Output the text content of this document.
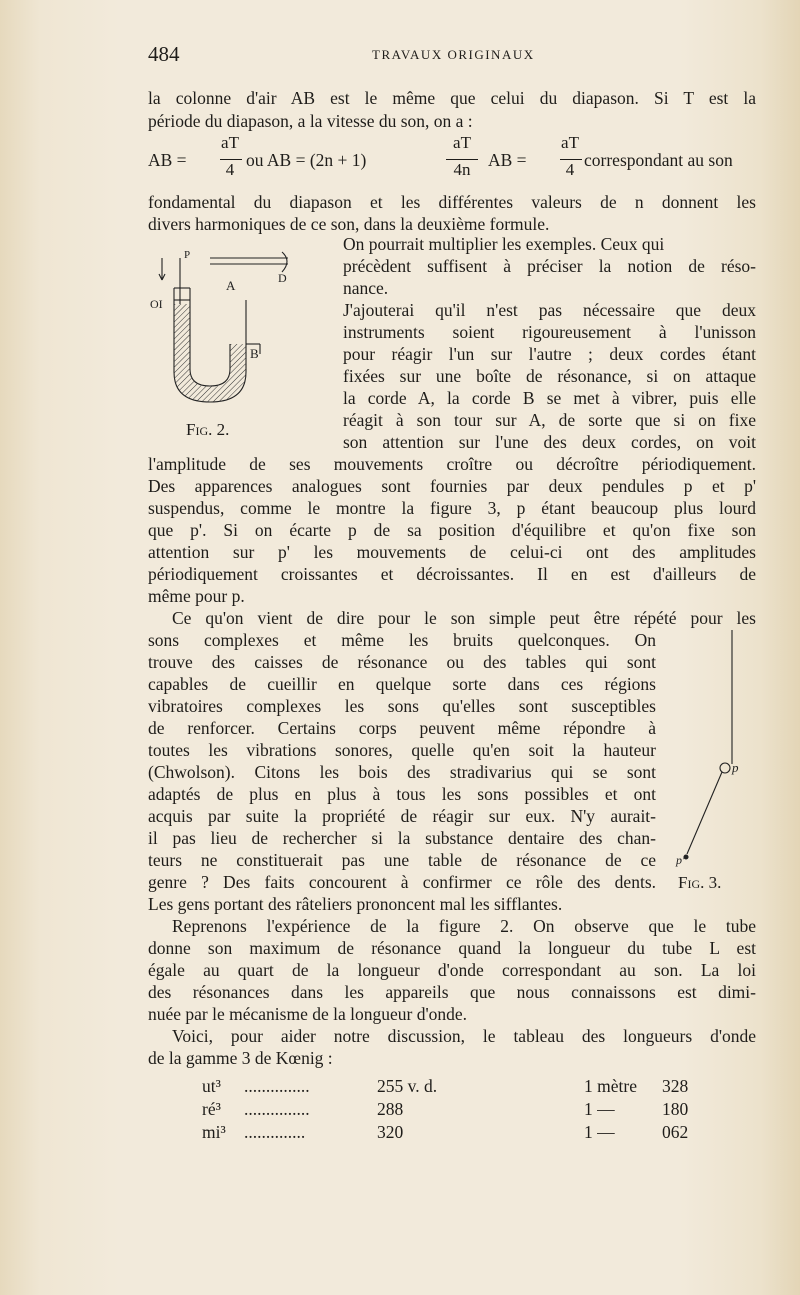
484	TRAVAUX ORIGINAUX
la colonne d'air AB est le même que celui du diapason. Si T est la
période du diapason, a la vitesse du son, on a :
AB =
aT
4 ou AB = (2n + 1)
aT
4n	AB =
aT
4 correspondant au son
fondamental du diapason et les différentes valeurs de n donnent les
divers harmoniques de ce son, dans la deuxième formule.
P
D
A
OI
B
Fig. 2.
On pourrait multiplier les exemples. Ceux qui
précèdent suffisent à préciser la notion de réso-
nance.
J'ajouterai qu'il n'est pas nécessaire que deux
instruments soient rigoureusement à l'unisson
pour réagir l'un sur l'autre ; deux cordes étant
fixées sur une boîte de résonance, si on attaque
la corde A, la corde B se met à vibrer, puis elle
réagit à son tour sur A, de sorte que si on fixe
son attention sur l'une des deux cordes, on voit
l'amplitude de ses mouvements croître ou décroître périodiquement.
Des apparences analogues sont fournies par deux pendules p et p'
suspendus, comme le montre la figure 3, p étant beaucoup plus lourd
que p'. Si on écarte p de sa position d'équilibre et qu'on fixe son
attention sur p' les mouvements de celui-ci ont des amplitudes
périodiquement croissantes et décroissantes. Il en est d'ailleurs de
même pour p.
Ce qu'on vient de dire pour le son simple peut être répété pour les
sons complexes et même les bruits quelconques. On
trouve des caisses de résonance ou des tables qui sont
capables de cueillir en quelque sorte dans ces régions
vibratoires complexes les sons qu'elles sont susceptibles
de renforcer. Certains corps peuvent même répondre à
toutes les vibrations sonores, quelle qu'en soit la hauteur
(Chwolson). Citons les bois des stradivarius qui se sont
adaptés de plus en plus à tous les sons possibles et ont
acquis par suite la propriété de réagir sur eux. N'y aurait-
il pas lieu de rechercher si la substance dentaire des chan-
teurs ne constituerait pas une table de résonance de ce
genre ? Des faits concourent à confirmer ce rôle des dents.
Les gens portant des râteliers prononcent mal les sifflantes.
p
p'
Fig. 3.
Reprenons l'expérience de la figure 2. On observe que le tube
donne son maximum de résonance quand la longueur du tube L est
égale au quart de la longueur d'onde correspondant au son. La loi
des résonances dans les appareils que nous connaissons est dimi-
nuée par le mécanisme de la longueur d'onde.
Voici, pour aider notre discussion, le tableau des longueurs d'onde
de la gamme 3 de Kœnig :
ut³ ...............	255 v. d.	1 mètre 328
ré³ ...............	288	1 —	180
mi³ ..............	320	1 —	062
